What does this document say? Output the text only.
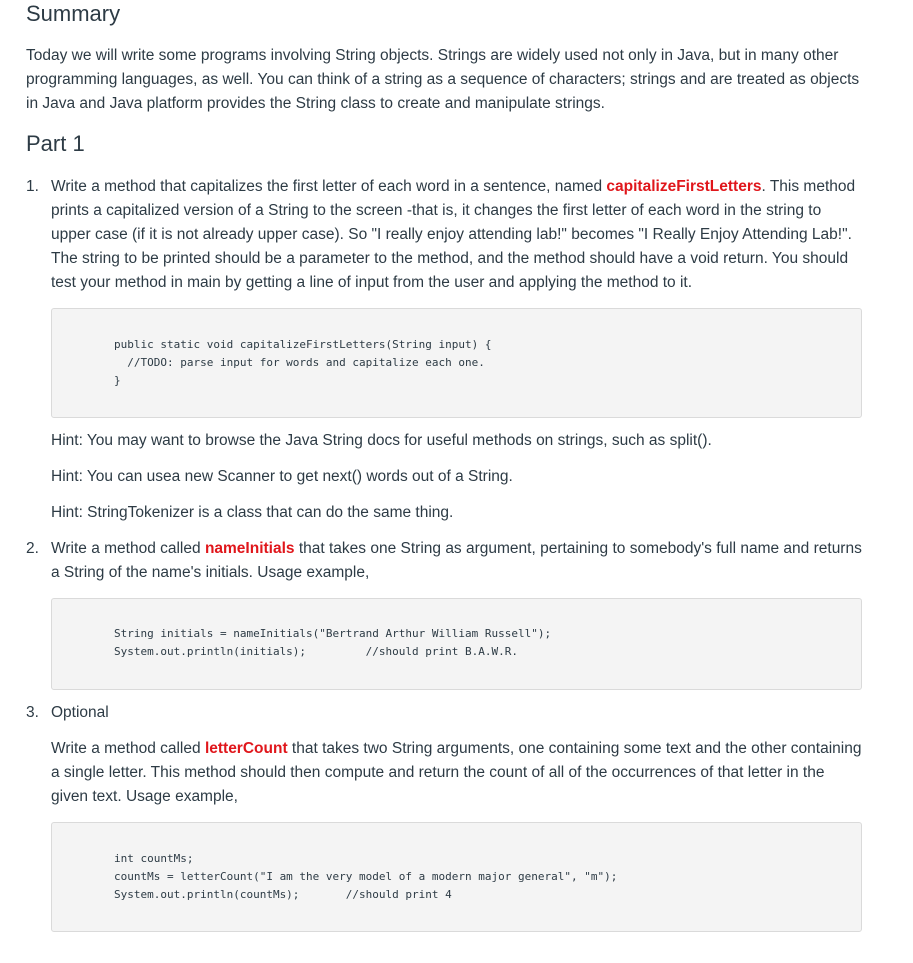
Summary

Today we will write some programs involving String objects. Strings are widely used not only in Java, but in many other programming languages, as well. You can think of a string as a sequence of characters; strings and are treated as objects in Java and Java platform provides the String class to create and manipulate strings.

Part 1
1. Write a method that capitalizes the first letter of each word in a sentence, named capitalizeFirstLetters. This method prints a capitalized version of a String to the screen -that is, it changes the first letter of each word in the string to upper case (if it is not already upper case). So "I really enjoy attending lab!" becomes "I Really Enjoy Attending Lab!". The string to be printed should be a parameter to the method, and the method should have a void return. You should test your method in main by getting a line of input from the user and applying the method to it.
public static void capitalizeFirstLetters(String input) {
//TODO: parse input for words and capitalize each one.
}
Hint: You may want to browse the Java String docs for useful methods on strings, such as split().
Hint: You can usea new Scanner to get next() words out of a String.
Hint: StringTokenizer is a class that can do the same thing.
2. Write a method called nameInitials that takes one String as argument, pertaining to somebody's full name and returns a String of the name's initials. Usage example,
String initials = nameInitials("Bertrand Arthur William Russell");
System.out.println(initials);         //should print B.A.W.R.
3. Optional
Write a method called letterCount that takes two String arguments, one containing some text and the other containing a single letter. This method should then compute and return the count of all of the occurrences of that letter in the given text. Usage example,
int countMs;
countMs = letterCount("I am the very model of a modern major general", "m");
System.out.println(countMs);       //should print 4
